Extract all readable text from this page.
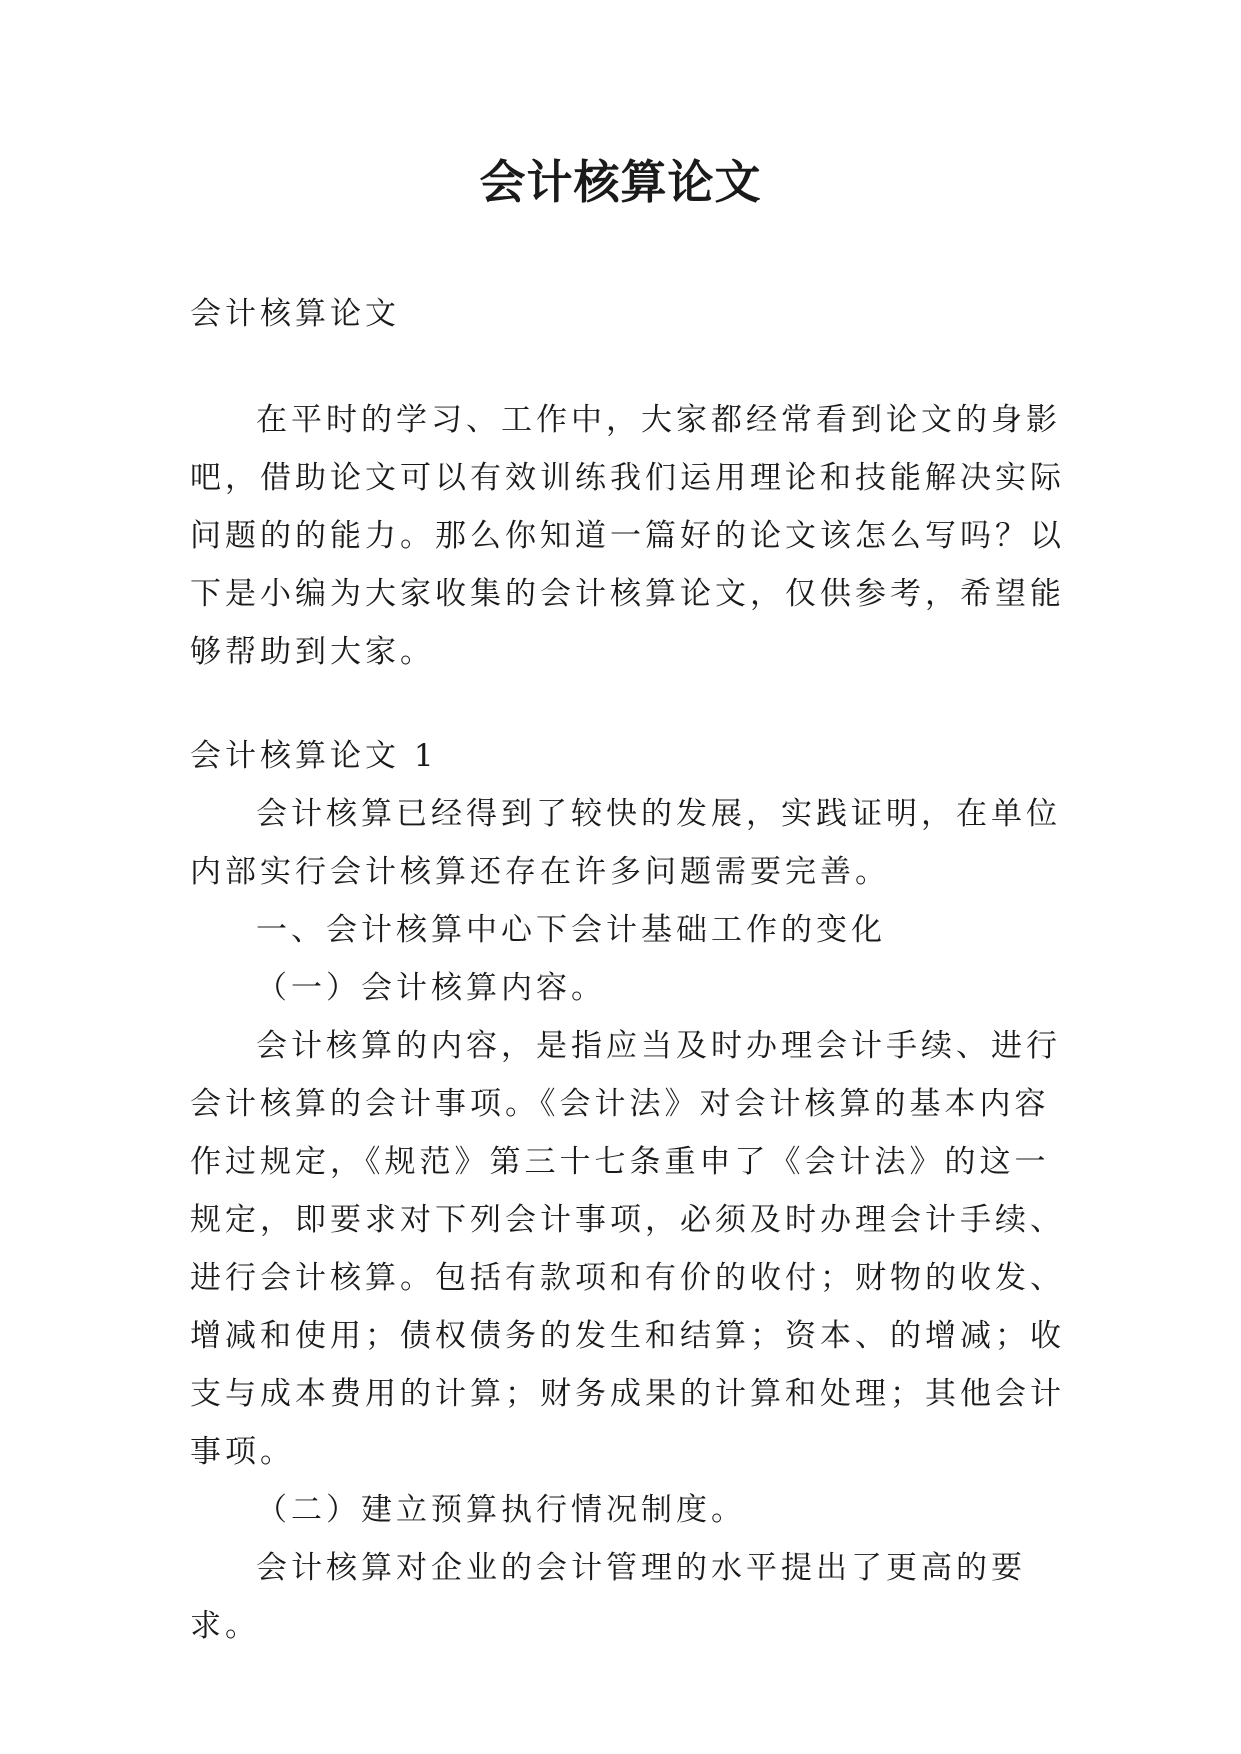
会计核算论文

会计核算论文

在平时的学习、工作中，大家都经常看到论文的身影吧，借助论文可以有效训练我们运用理论和技能解决实际问题的的能力。那么你知道一篇好的论文该怎么写吗？以下是小编为大家收集的会计核算论文，仅供参考，希望能够帮助到大家。

会计核算论文 1

会计核算已经得到了较快的发展，实践证明，在单位内部实行会计核算还存在许多问题需要完善。

一、会计核算中心下会计基础工作的变化

（一）会计核算内容。

会计核算的内容，是指应当及时办理会计手续、进行会计核算的会计事项。《会计法》对会计核算的基本内容作过规定，《规范》第三十七条重申了《会计法》的这一规定，即要求对下列会计事项，必须及时办理会计手续、进行会计核算。包括有款项和有价的收付；财物的收发、增减和使用；债权债务的发生和结算；资本、的增减；收支与成本费用的计算；财务成果的计算和处理；其他会计事项。

（二）建立预算执行情况制度。

会计核算对企业的会计管理的水平提出了更高的要求。
